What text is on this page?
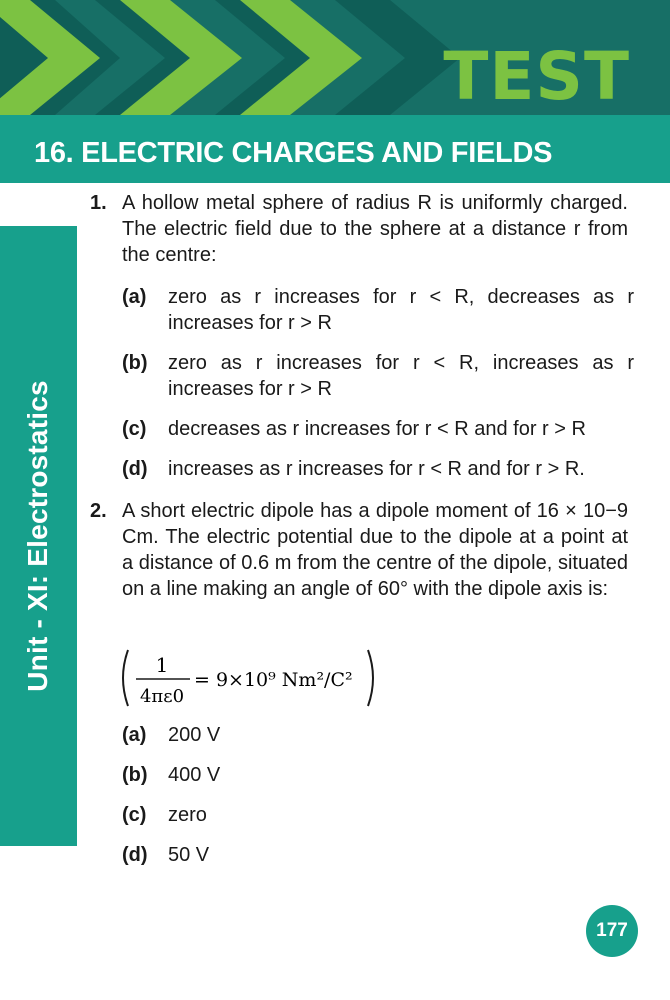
TEST
16. ELECTRIC CHARGES AND FIELDS
Unit - XI: Electrostatics
1. A hollow metal sphere of radius R is uniformly charged. The electric field due to the sphere at a distance r from the centre:
(a) zero as r increases for r < R, decreases as r increases for r > R
(b) zero as r increases for r < R, increases as r increases for r > R
(c) decreases as r increases for r < R and for r > R
(d) increases as r increases for r < R and for r > R.
2. A short electric dipole has a dipole moment of 16 × 10−9 Cm. The electric potential due to the dipole at a point at a distance of 0.6 m from the centre of the dipole, situated on a line making an angle of 60° with the dipole axis is:
1
4πε0
= 9×10⁹ Nm²/C²
(a) 200 V
(b) 400 V
(c) zero
(d) 50 V
177
